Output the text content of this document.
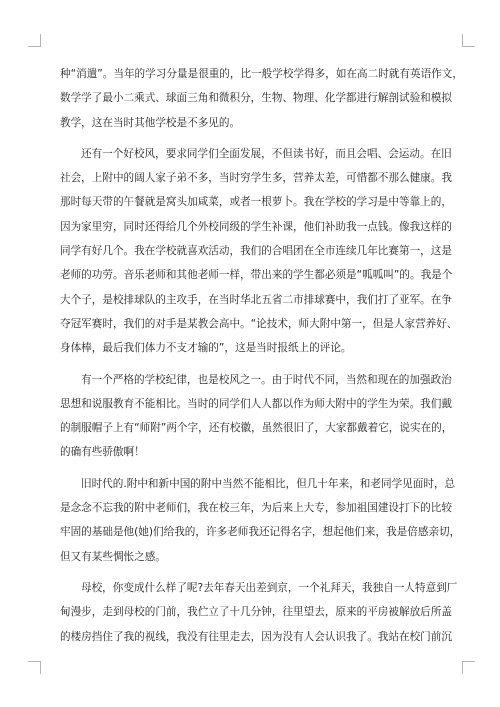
种“消遣”。当年的学习分量是很重的，比一般学校学得多，如在高二时就有英语作文，
数学学了最小二乘式、球面三角和微积分，生物、物理、化学都进行解剖试验和模拟
教学，这在当时其他学校是不多见的。
还有一个好校风，要求同学们全面发展，不但读书好，而且会唱、会运动。在旧
社会，上附中的阔人家子弟不多，当时穷学生多，营养太差，可惜都不那么健康。我
那时每天带的午餐就是窝头加咸菜，或者一根萝卜。我在学校的学习是中等靠上的，
因为家里穷，同时还得给几个外校同级的学生补课，他们补助我一点钱。像我这样的
同学有好几个。我在学校就喜欢活动，我们的合唱团在全市连续几年比赛第一，这是
老师的功劳。音乐老师和其他老师一样，带出来的学生都必须是“呱呱叫”的。我是个
大个子，是校排球队的主攻手，在当时华北五省二市排球赛中，我们打了亚军。在争
夺冠军赛时，我们的对手是某教会高中。“论技术，师大附中第一，但是人家营养好、
身体棒，最后我们体力不支才输的”，这是当时报纸上的评论。
有一个严格的学校纪律，也是校风之一。由于时代不同，当然和现在的加强政治
思想和说服教育不能相比。当时的同学们人人都以作为师大附中的学生为荣。我们戴
的制服帽子上有“师附”两个字，还有校徽，虽然很旧了，大家都戴着它，说实在的，
的确有些骄傲啊！
旧时代的.附中和新中国的附中当然不能相比，但几十年来，和老同学见面时，总
是念念不忘我的附中老师们，我在校三年，为后来上大专，参加祖国建设打下的比较
牢固的基础是他(她)们给我的，许多老师我还记得名字，想起他们来，我是倍感亲切，
但又有某些惆怅之感。
母校，你变成什么样了呢?去年春天出差到京，一个礼拜天，我独自一人特意到厂
甸漫步，走到母校的门前，我伫立了十几分钟，往里望去，原来的平房被解放后所盖
的楼房挡住了我的视线，我没有往里走去，因为没有人会认识我了。我站在校门前沉
